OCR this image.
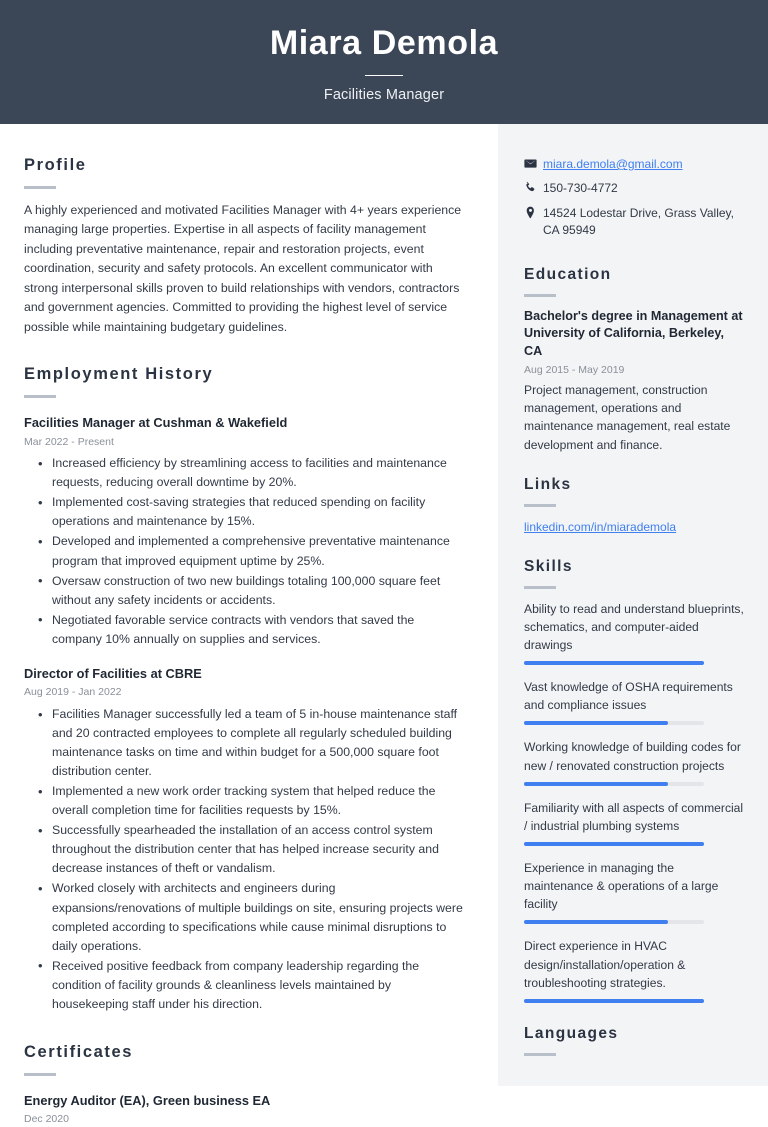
Miara Demola
Facilities Manager
Profile
A highly experienced and motivated Facilities Manager with 4+ years experience managing large properties. Expertise in all aspects of facility management including preventative maintenance, repair and restoration projects, event coordination, security and safety protocols. An excellent communicator with strong interpersonal skills proven to build relationships with vendors, contractors and government agencies. Committed to providing the highest level of service possible while maintaining budgetary guidelines.
Employment History
Facilities Manager at Cushman & Wakefield
Mar 2022 - Present
• Increased efficiency by streamlining access to facilities and maintenance requests, reducing overall downtime by 20%.
• Implemented cost-saving strategies that reduced spending on facility operations and maintenance by 15%.
• Developed and implemented a comprehensive preventative maintenance program that improved equipment uptime by 25%.
• Oversaw construction of two new buildings totaling 100,000 square feet without any safety incidents or accidents.
• Negotiated favorable service contracts with vendors that saved the company 10% annually on supplies and services.
Director of Facilities at CBRE
Aug 2019 - Jan 2022
• Facilities Manager successfully led a team of 5 in-house maintenance staff and 20 contracted employees to complete all regularly scheduled building maintenance tasks on time and within budget for a 500,000 square foot distribution center.
• Implemented a new work order tracking system that helped reduce the overall completion time for facilities requests by 15%.
• Successfully spearheaded the installation of an access control system throughout the distribution center that has helped increase security and decrease instances of theft or vandalism.
• Worked closely with architects and engineers during expansions/renovations of multiple buildings on site, ensuring projects were completed according to specifications while cause minimal disruptions to daily operations.
• Received positive feedback from company leadership regarding the condition of facility grounds & cleanliness levels maintained by housekeeping staff under his direction.
Certificates
Energy Auditor (EA), Green business EA
Dec 2020
miara.demola@gmail.com
150-730-4772
14524 Lodestar Drive, Grass Valley, CA 95949
Education
Bachelor's degree in Management at University of California, Berkeley, CA
Aug 2015 - May 2019
Project management, construction management, operations and maintenance management, real estate development and finance.
Links
linkedin.com/in/miarademola
Skills
Ability to read and understand blueprints, schematics, and computer-aided drawings
Vast knowledge of OSHA requirements and compliance issues
Working knowledge of building codes for new / renovated construction projects
Familiarity with all aspects of commercial / industrial plumbing systems
Experience in managing the maintenance & operations of a large facility
Direct experience in HVAC design/installation/operation & troubleshooting strategies.
Languages
